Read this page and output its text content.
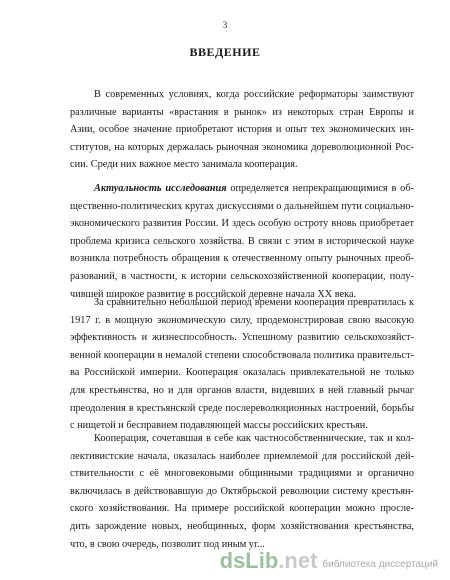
3
ВВЕДЕНИЕ
В современных условиях, когда российские реформаторы заимствуют
различные варианты «врастания в рынок» из некоторых стран Европы и
Азии, особое значение приобретают история и опыт тех экономических ин-
ститутов, на которых держалась рыночная экономика дореволюционной Рос-
сии. Среди них важное место занимала кооперация.
Актуальность исследования определяется непрекращающимися в об-
щественно-политических кругах дискуссиями о дальнейшем пути социально-
экономического развития России. И здесь особую остроту вновь приобретает
проблема кризиса сельского хозяйства. В связи с этим в исторической науке
возникла потребность обращения к отечественному опыту рыночных преоб-
разований, в частности, к истории сельскохозяйственной кооперации, полу-
чившей широкое развитие в российской деревне начала XX века.
За сравнительно небольшой период времени кооперация превратилась к
1917 г. в мощную экономическую силу, продемонстрировав свою высокую
эффективность и жизнеспособность. Успешному развитию сельскохозяйст-
венной кооперации в немалой степени способствовала политика правительст-
ва Российской империи. Кооперация оказалась привлекательной не только
для крестьянства, но и для органов власти, видевших в ней главный рычаг
преодоления в крестьянской среде послереволюционных настроений, борьбы
с нищетой и бесправием подавляющей массы российских крестьян.
Кооперация, сочетавшая в себе как частнособственнические, так и кол-
лективистские начала, оказалась наиболее приемлемой для российской дей-
ствительности с её многовековыми общинными традициями и органично
включилась в действовавшую до Октябрьской революции систему крестьян-
ского хозяйствования. На примере российской кооперации можно просле-
дить зарождение новых, необщинных, форм хозяйствования крестьянства,
что, в свою очередь, позволит под иным уг...
dsLib.net библиотека диссертаций
